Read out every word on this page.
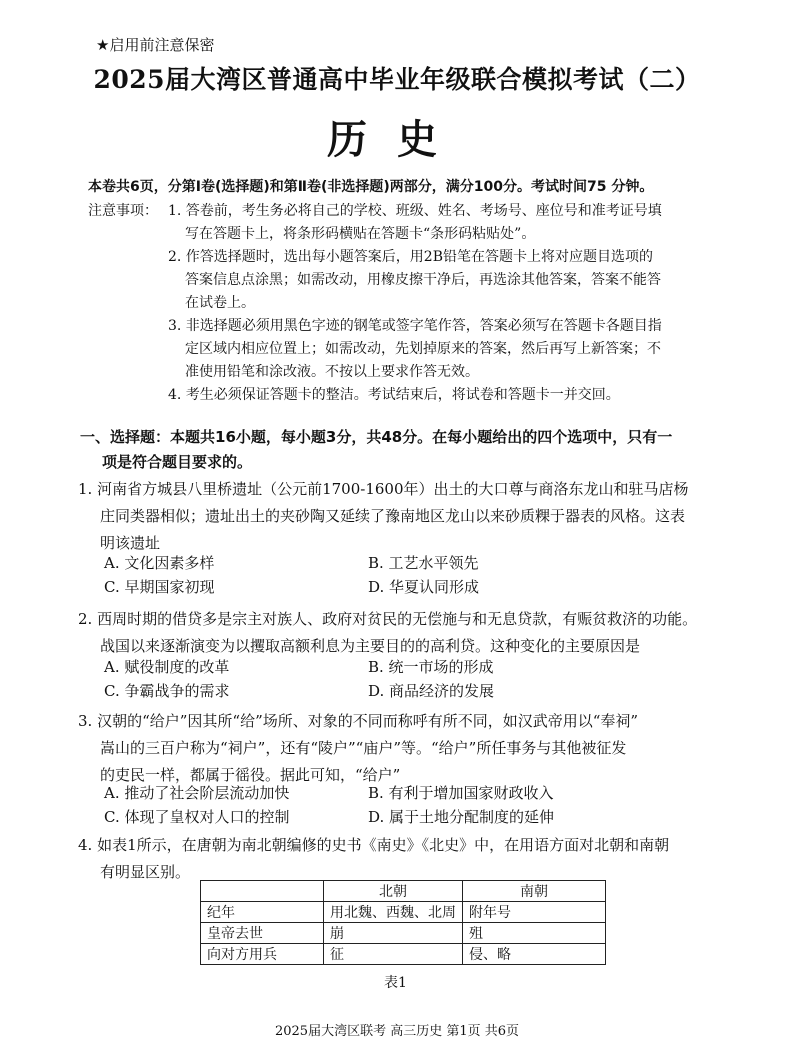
★启用前注意保密
2025届大湾区普通高中毕业年级联合模拟考试（二）
历史
本卷共6页，分第Ⅰ卷(选择题)和第Ⅱ卷(非选择题)两部分，满分100分。考试时间75 分钟。
注意事项： 1. 答卷前，考生务必将自己的学校、班级、姓名、考场号、座位号和准考证号填
写在答题卡上，将条形码横贴在答题卡“条形码粘贴处”。
2. 作答选择题时，选出每小题答案后，用2B铅笔在答题卡上将对应题目选项的
答案信息点涂黑；如需改动，用橡皮擦干净后，再选涂其他答案，答案不能答
在试卷上。
3. 非选择题必须用黑色字迹的钢笔或签字笔作答，答案必须写在答题卡各题目指
定区域内相应位置上；如需改动，先划掉原来的答案，然后再写上新答案；不
准使用铅笔和涂改液。不按以上要求作答无效。
4. 考生必须保证答题卡的整洁。考试结束后，将试卷和答题卡一并交回。
一、选择题：本题共16小题，每小题3分，共48分。在每小题给出的四个选项中，只有一
项是符合题目要求的。
1. 河南省方城县八里桥遗址（公元前1700-1600年）出土的大口尊与商洛东龙山和驻马店杨
庄同类器相似；遗址出土的夹砂陶又延续了豫南地区龙山以来砂质粿于器表的风格。这表
明该遗址
A. 文化因素多样	B. 工艺水平领先
C. 早期国家初现	D. 华夏认同形成
2. 西周时期的借贷多是宗主对族人、政府对贫民的无偿施与和无息贷款，有赈贫救济的功能。
战国以来逐渐演变为以攫取高额利息为主要目的的高利贷。这种变化的主要原因是
A. 赋役制度的改革	B. 统一市场的形成
C. 争霸战争的需求	D. 商品经济的发展
3. 汉朝的“给户”因其所“给”场所、对象的不同而称呼有所不同，如汉武帝用以“奉祠”
嵩山的三百户称为“祠户”，还有“陵户”“庙户”等。“给户”所任事务与其他被征发
的吏民一样，都属于徭役。据此可知，“给户”
A. 推动了社会阶层流动加快	B. 有利于增加国家财政收入
C. 体现了皇权对人口的控制	D. 属于土地分配制度的延伸
4. 如表1所示，在唐朝为南北朝编修的史书《南史》《北史》中，在用语方面对北朝和南朝
有明显区别。
	北朝	南朝
纪年	用北魏、西魏、北周	附年号
皇帝去世	崩	殂
向对方用兵	征	侵、略
表1
2025届大湾区联考 高三历史 第1页 共6页
